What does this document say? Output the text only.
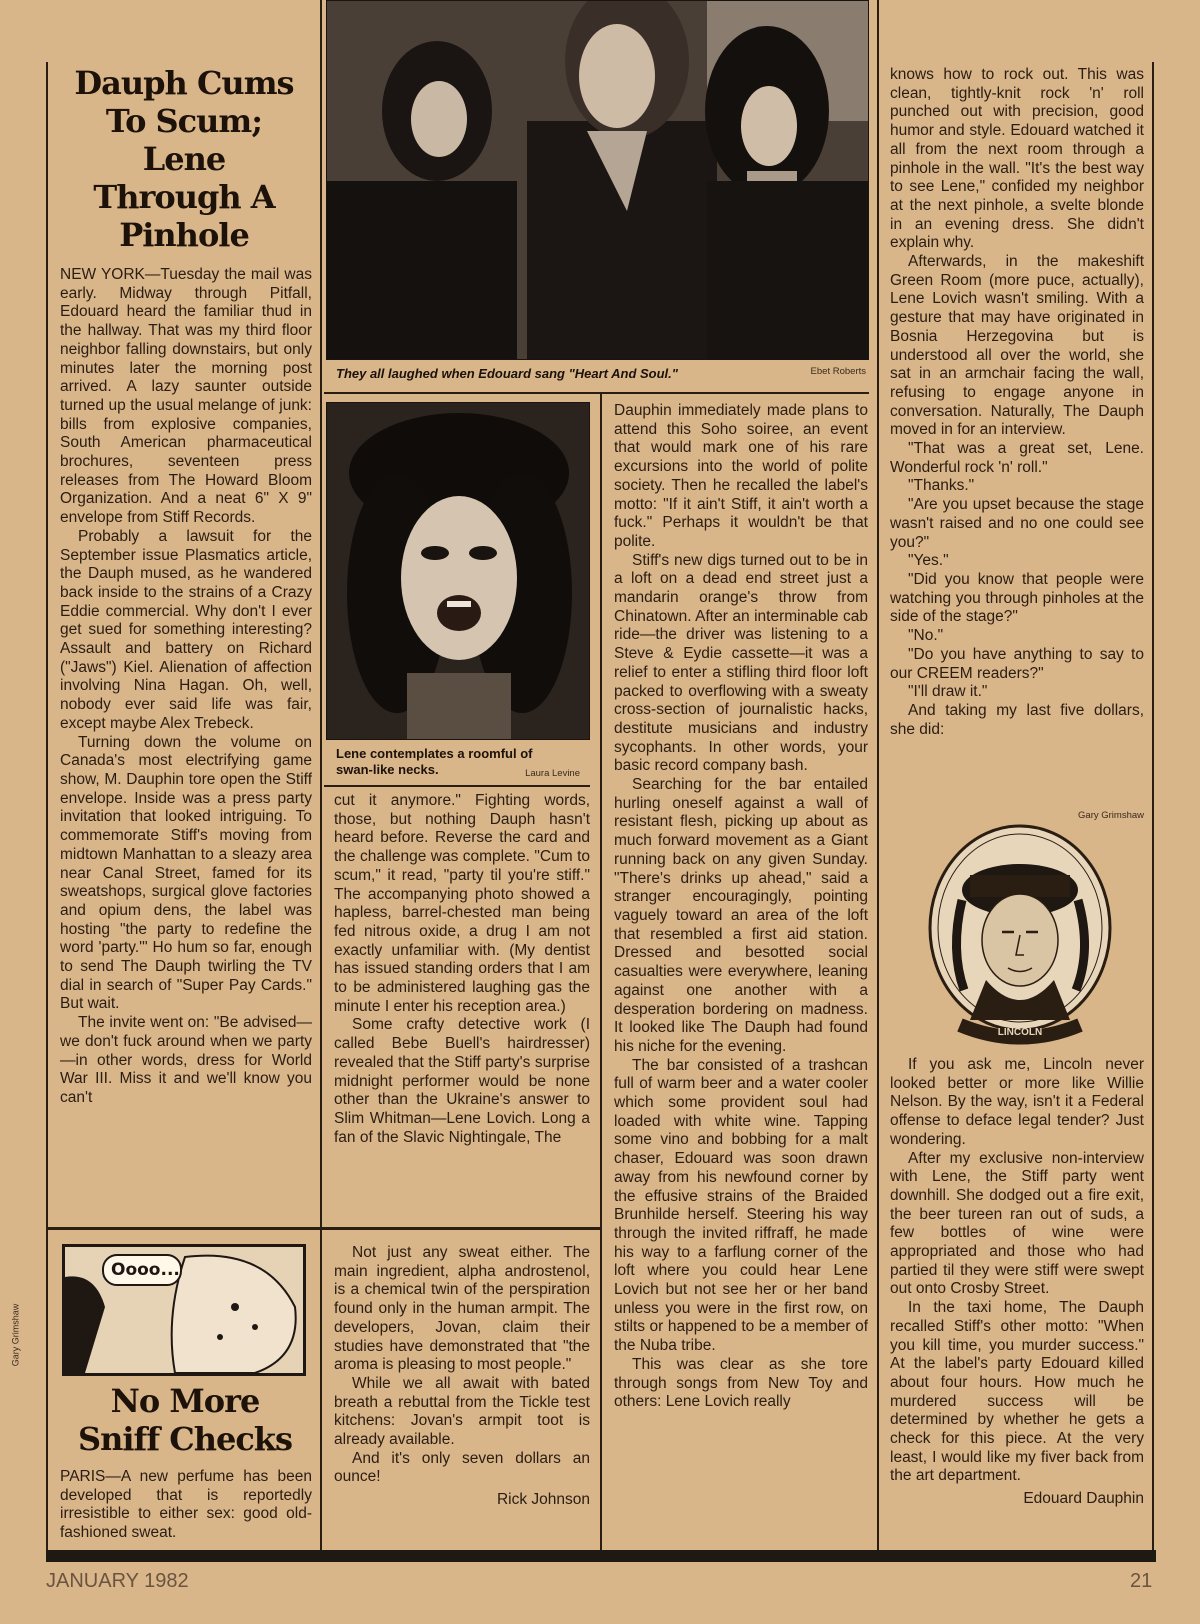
Dauph Cums
To Scum;
Lene
Through A
Pinhole

NEW YORK—Tuesday the mail was early. Midway through Pitfall, Edouard heard the familiar thud in the hallway. That was my third floor neighbor falling downstairs, but only minutes later the morning post arrived. A lazy saunter outside turned up the usual melange of junk: bills from explosive companies, South American pharmaceutical brochures, seventeen press releases from The Howard Bloom Organization. And a neat 6" X 9" envelope from Stiff Records.

Probably a lawsuit for the September issue Plasmatics article, the Dauph mused, as he wandered back inside to the strains of a Crazy Eddie commercial. Why don't I ever get sued for something interesting? Assault and battery on Richard ("Jaws") Kiel. Alienation of affection involving Nina Hagan. Oh, well, nobody ever said life was fair, except maybe Alex Trebeck.

Turning down the volume on Canada's most electrifying game show, M. Dauphin tore open the Stiff envelope. Inside was a press party invitation that looked intriguing. To commemorate Stiff's moving from midtown Manhattan to a sleazy area near Canal Street, famed for its sweatshops, surgical glove factories and opium dens, the label was hosting "the party to redefine the word 'party.'" Ho hum so far, enough to send The Dauph twirling the TV dial in search of "Super Pay Cards." But wait.

The invite went on: "Be advised—we don't fuck around when we party—in other words, dress for World War III. Miss it and we'll know you can't

They all laughed when Edouard sang "Heart And Soul."	Ebet Roberts
Lene contemplates a roomful of swan-like necks.	Laura Levine

cut it anymore." Fighting words, those, but nothing Dauph hasn't heard before. Reverse the card and the challenge was complete. "Cum to scum," it read, "party til you're stiff." The accompanying photo showed a hapless, barrel-chested man being fed nitrous oxide, a drug I am not exactly unfamiliar with. (My dentist has issued standing orders that I am to be administered laughing gas the minute I enter his reception area.)

Some crafty detective work (I called Bebe Buell's hairdresser) revealed that the Stiff party's surprise midnight performer would be none other than the Ukraine's answer to Slim Whitman—Lene Lovich. Long a fan of the Slavic Nightingale, The

Dauphin immediately made plans to attend this Soho soiree, an event that would mark one of his rare excursions into the world of polite society. Then he recalled the label's motto: "If it ain't Stiff, it ain't worth a fuck." Perhaps it wouldn't be that polite.

Stiff's new digs turned out to be in a loft on a dead end street just a mandarin orange's throw from Chinatown. After an interminable cab ride—the driver was listening to a Steve & Eydie cassette—it was a relief to enter a stifling third floor loft packed to overflowing with a sweaty cross-section of journalistic hacks, destitute musicians and industry sycophants. In other words, your basic record company bash.

Searching for the bar entailed hurling oneself against a wall of resistant flesh, picking up about as much forward movement as a Giant running back on any given Sunday. "There's drinks up ahead," said a stranger encouragingly, pointing vaguely toward an area of the loft that resembled a first aid station. Dressed and besotted social casualties were everywhere, leaning against one another with a desperation bordering on madness. It looked like The Dauph had found his niche for the evening.

The bar consisted of a trashcan full of warm beer and a water cooler which some provident soul had loaded with white wine. Tapping some vino and bobbing for a malt chaser, Edouard was soon drawn away from his newfound corner by the effusive strains of the Braided Brunhilde herself. Steering his way through the invited riffraff, he made his way to a farflung corner of the loft where you could hear Lene Lovich but not see her or her band unless you were in the first row, on stilts or happened to be a member of the Nuba tribe.

This was clear as she tore through songs from New Toy and others: Lene Lovich really

knows how to rock out. This was clean, tightly-knit rock 'n' roll punched out with precision, good humor and style. Edouard watched it all from the next room through a pinhole in the wall. "It's the best way to see Lene," confided my neighbor at the next pinhole, a svelte blonde in an evening dress. She didn't explain why.

Afterwards, in the makeshift Green Room (more puce, actually), Lene Lovich wasn't smiling. With a gesture that may have originated in Bosnia Herzegovina but is understood all over the world, she sat in an armchair facing the wall, refusing to engage anyone in conversation. Naturally, The Dauph moved in for an interview.

"That was a great set, Lene. Wonderful rock 'n' roll."

"Thanks."

"Are you upset because the stage wasn't raised and no one could see you?"

"Yes."

"Did you know that people were watching you through pinholes at the side of the stage?"

"No."

"Do you have anything to say to our CREEM readers?"

"I'll draw it."

And taking my last five dollars, she did:

Gary Grimshaw
LINCOLN

If you ask me, Lincoln never looked better or more like Willie Nelson. By the way, isn't it a Federal offense to deface legal tender? Just wondering.

After my exclusive non-interview with Lene, the Stiff party went downhill. She dodged out a fire exit, the beer tureen ran out of suds, a few bottles of wine were appropriated and those who had partied til they were stiff were swept out onto Crosby Street.

In the taxi home, The Dauph recalled Stiff's other motto: "When you kill time, you murder success." At the label's party Edouard killed about four hours. How much he murdered success will be determined by whether he gets a check for this piece. At the very least, I would like my fiver back from the art department.

Edouard Dauphin
Oooo...
Gary Grimshaw
No More
Sniff Checks

PARIS—A new perfume has been developed that is reportedly irresistible to either sex: good old-fashioned sweat.

Not just any sweat either. The main ingredient, alpha androstenol, is a chemical twin of the perspiration found only in the human armpit. The developers, Jovan, claim their studies have demonstrated that "the aroma is pleasing to most people."

While we all await with bated breath a rebuttal from the Tickle test kitchens: Jovan's armpit toot is already available.

And it's only seven dollars an ounce!

Rick Johnson
JANUARY 1982	21
